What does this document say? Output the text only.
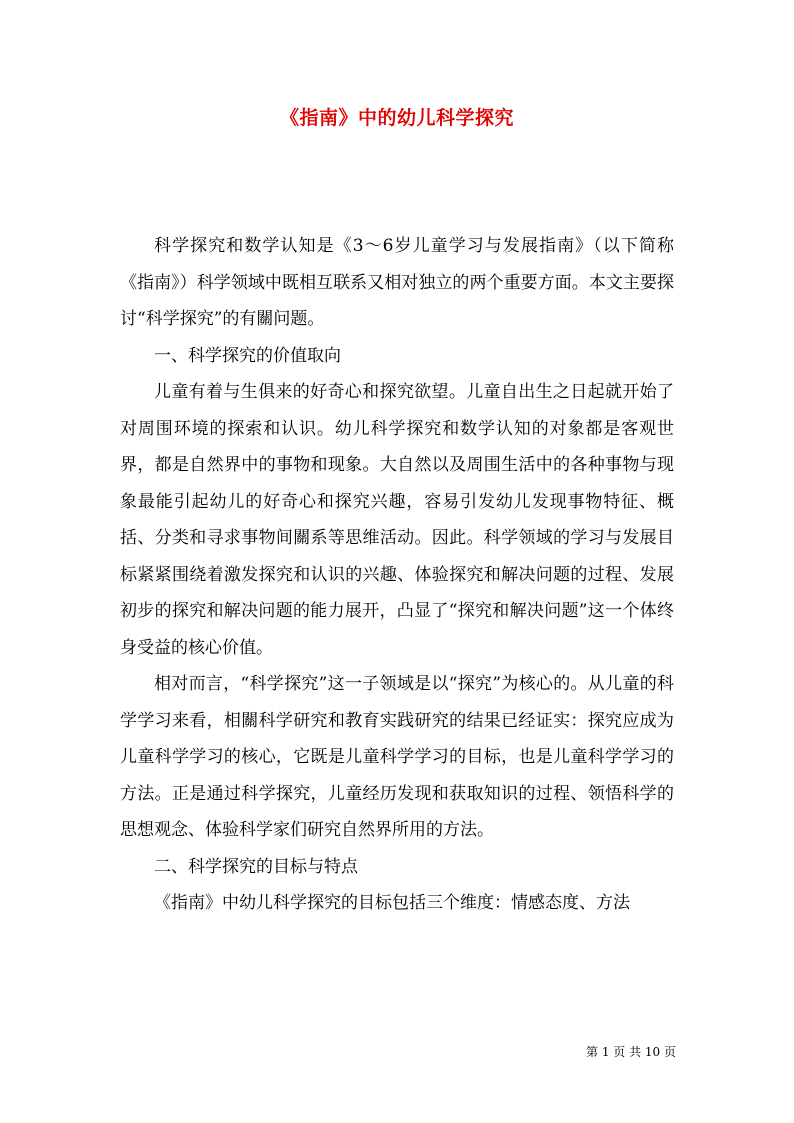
《指南》中的幼儿科学探究

科学探究和数学认知是《3～6岁儿童学习与发展指南》（以下简称《指南》）科学领域中既相互联系又相对独立的两个重要方面。本文主要探讨“科学探究”的有關问题。

一、科学探究的价值取向

儿童有着与生俱来的好奇心和探究欲望。儿童自出生之日起就开始了对周围环境的探索和认识。幼儿科学探究和数学认知的对象都是客观世界，都是自然界中的事物和现象。大自然以及周围生活中的各种事物与现象最能引起幼儿的好奇心和探究兴趣，容易引发幼儿发现事物特征、概括、分类和寻求事物间關系等思维活动。因此。科学领域的学习与发展目标紧紧围绕着激发探究和认识的兴趣、体验探究和解决问题的过程、发展初步的探究和解决问题的能力展开，凸显了“探究和解决问题”这一个体终身受益的核心价值。

相对而言，“科学探究”这一子领域是以“探究”为核心的。从儿童的科学学习来看，相關科学研究和教育实践研究的结果已经证实：探究应成为儿童科学学习的核心，它既是儿童科学学习的目标，也是儿童科学学习的方法。正是通过科学探究，儿童经历发现和获取知识的过程、领悟科学的思想观念、体验科学家们研究自然界所用的方法。

二、科学探究的目标与特点

《指南》中幼儿科学探究的目标包括三个维度：情感态度、方法

第 1 页 共 10 页
